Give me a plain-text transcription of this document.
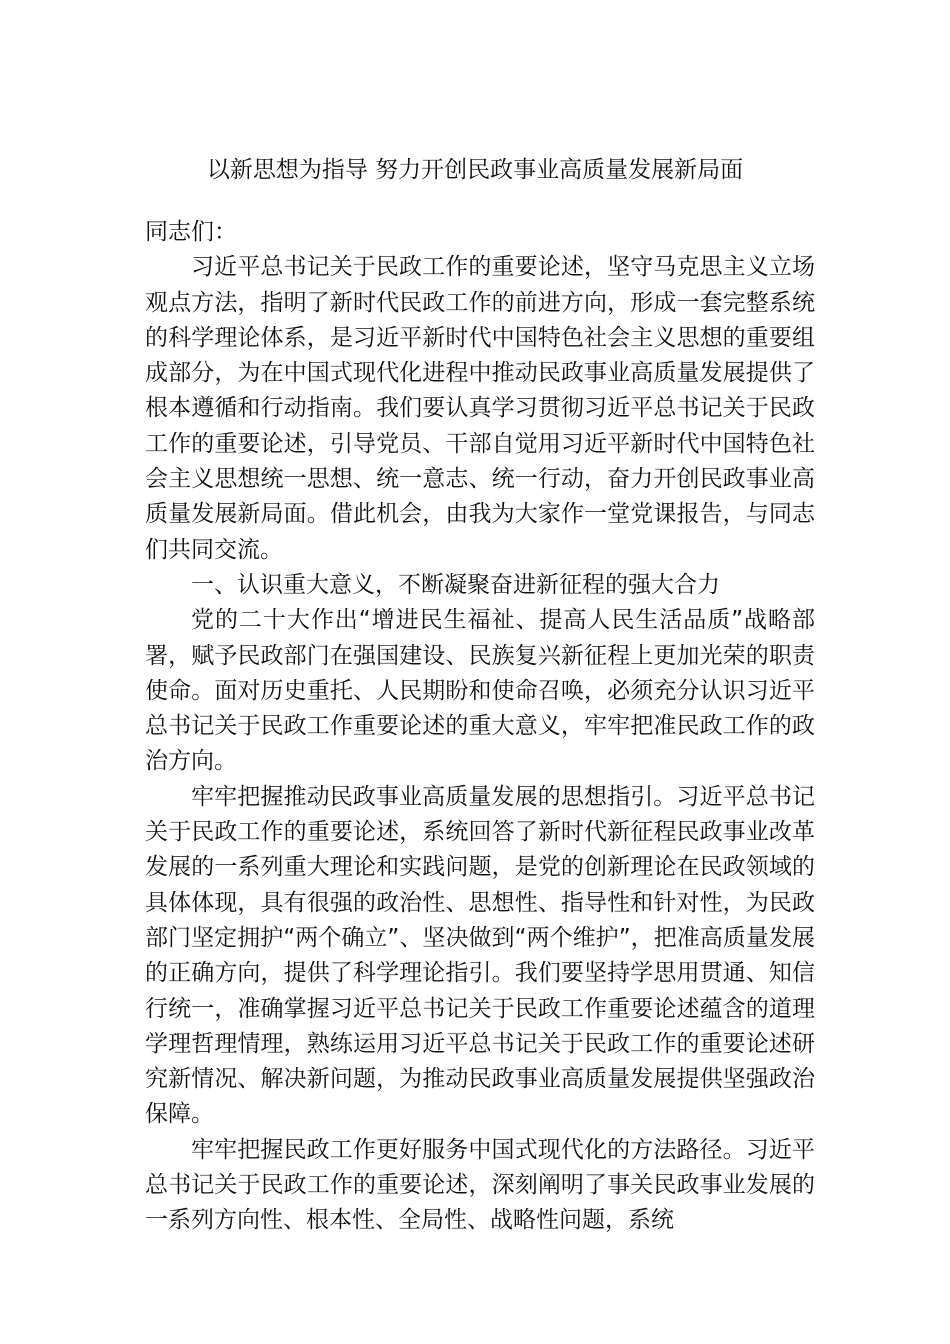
以新思想为指导 努力开创民政事业高质量发展新局面

同志们：

习近平总书记关于民政工作的重要论述，坚守马克思主义立场观点方法，指明了新时代民政工作的前进方向，形成一套完整系统的科学理论体系，是习近平新时代中国特色社会主义思想的重要组成部分，为在中国式现代化进程中推动民政事业高质量发展提供了根本遵循和行动指南。我们要认真学习贯彻习近平总书记关于民政工作的重要论述，引导党员、干部自觉用习近平新时代中国特色社会主义思想统一思想、统一意志、统一行动，奋力开创民政事业高质量发展新局面。借此机会，由我为大家作一堂党课报告，与同志们共同交流。

一、认识重大意义，不断凝聚奋进新征程的强大合力

党的二十大作出“增进民生福祉、提高人民生活品质”战略部署，赋予民政部门在强国建设、民族复兴新征程上更加光荣的职责使命。面对历史重托、人民期盼和使命召唤，必须充分认识习近平总书记关于民政工作重要论述的重大意义，牢牢把准民政工作的政治方向。

牢牢把握推动民政事业高质量发展的思想指引。习近平总书记关于民政工作的重要论述，系统回答了新时代新征程民政事业改革发展的一系列重大理论和实践问题，是党的创新理论在民政领域的具体体现，具有很强的政治性、思想性、指导性和针对性，为民政部门坚定拥护“两个确立”、坚决做到“两个维护”，把准高质量发展的正确方向，提供了科学理论指引。我们要坚持学思用贯通、知信行统一，准确掌握习近平总书记关于民政工作重要论述蕴含的道理学理哲理情理，熟练运用习近平总书记关于民政工作的重要论述研究新情况、解决新问题，为推动民政事业高质量发展提供坚强政治保障。

牢牢把握民政工作更好服务中国式现代化的方法路径。习近平总书记关于民政工作的重要论述，深刻阐明了事关民政事业发展的一系列方向性、根本性、全局性、战略性问题，系统
